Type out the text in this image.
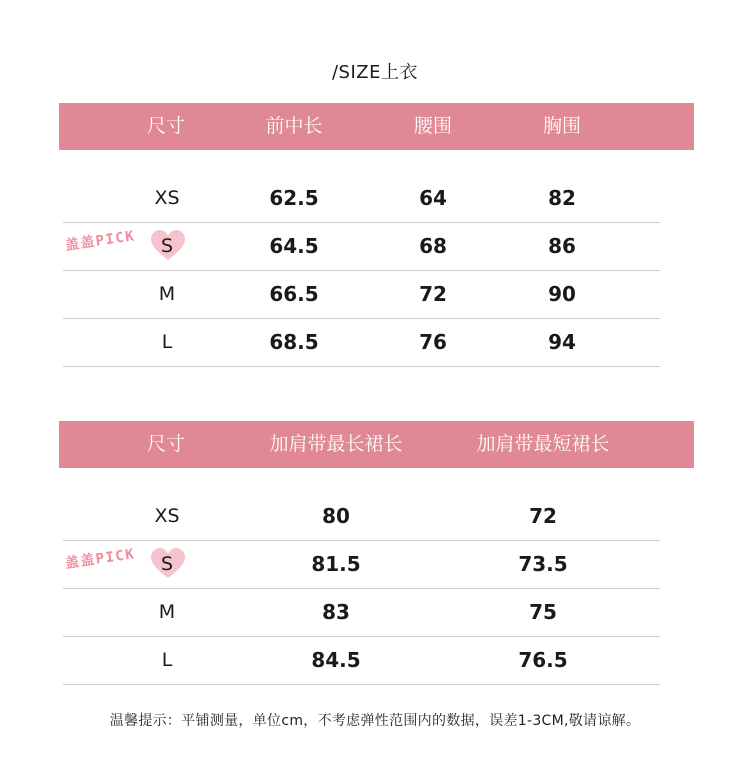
/SIZE上衣
尺寸	前中长	腰围	胸围
XS	62.5	64	82
盖盖PICK S	64.5	68	86
M	66.5	72	90
L	68.5	76	94
尺寸	加肩带最长裙长	加肩带最短裙长
XS	80	72
盖盖PICK S	81.5	73.5
M	83	75
L	84.5	76.5
温馨提示：平铺测量，单位cm，不考虑弹性范围内的数据，误差1-3CM,敬请谅解。
